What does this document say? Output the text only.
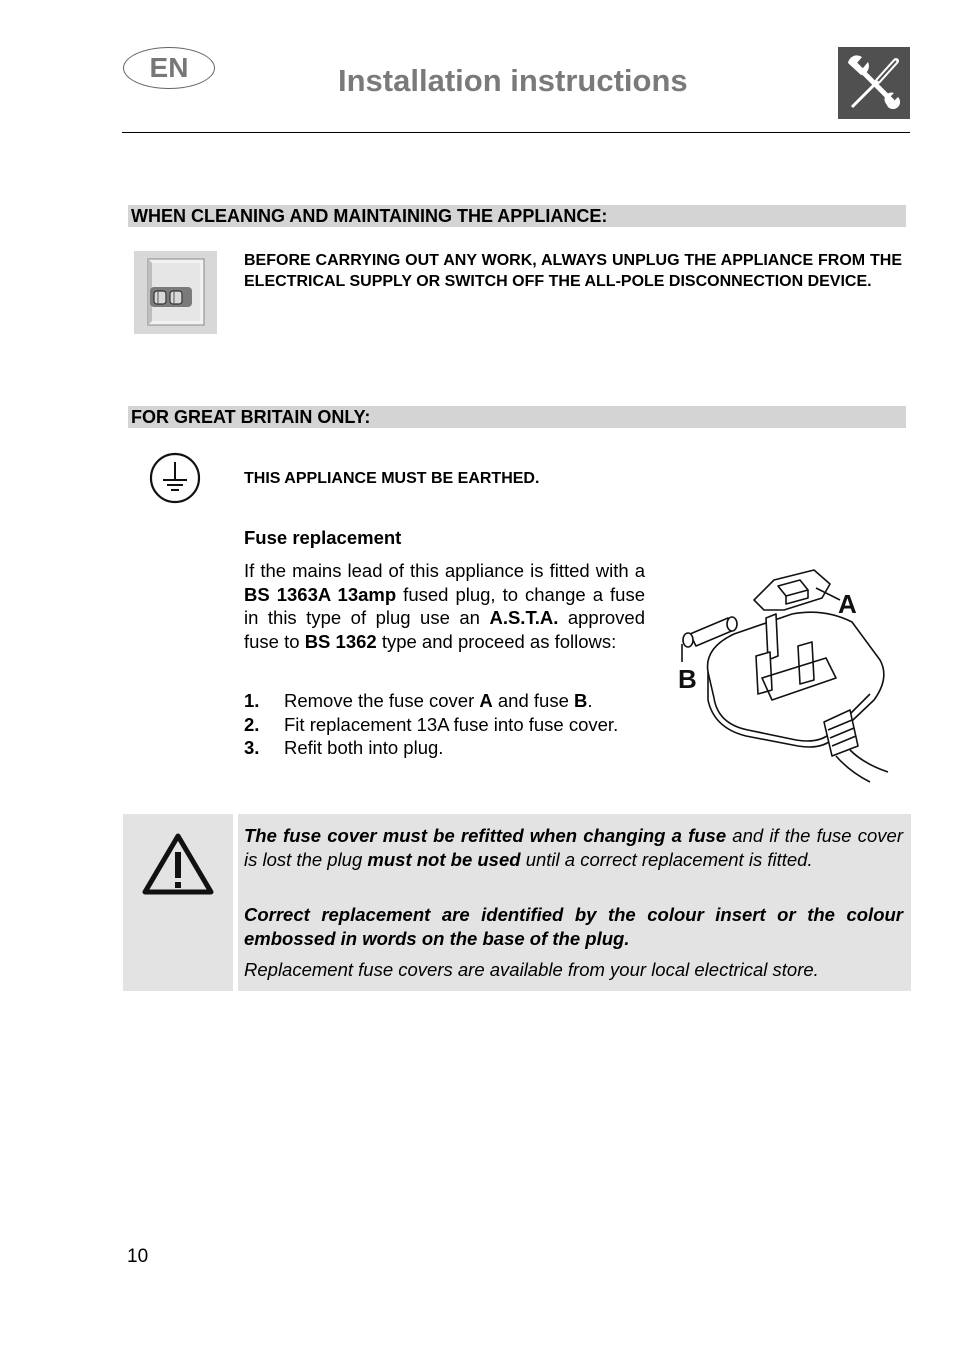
EN	Installation instructions
WHEN CLEANING AND MAINTAINING THE APPLIANCE:
BEFORE CARRYING OUT ANY WORK, ALWAYS UNPLUG THE APPLIANCE FROM THE ELECTRICAL SUPPLY OR SWITCH OFF THE ALL-POLE DISCONNECTION DEVICE.
FOR GREAT BRITAIN ONLY:
THIS APPLIANCE MUST BE EARTHED.
Fuse replacement
If the mains lead of this appliance is fitted with a BS 1363A 13amp fused plug, to change a fuse in this type of plug use an A.S.T.A. approved fuse to BS 1362 type and proceed as follows:
1.	Remove the fuse cover A and fuse B.
2.	Fit replacement 13A fuse into fuse cover.
3.	Refit both into plug.
A
B
The fuse cover must be refitted when changing a fuse and if the fuse cover is lost the plug must not be used until a correct replacement is fitted.
Correct replacement are identified by the colour insert or the colour embossed in words on the base of the plug.
Replacement fuse covers are available from your local electrical store.
10
